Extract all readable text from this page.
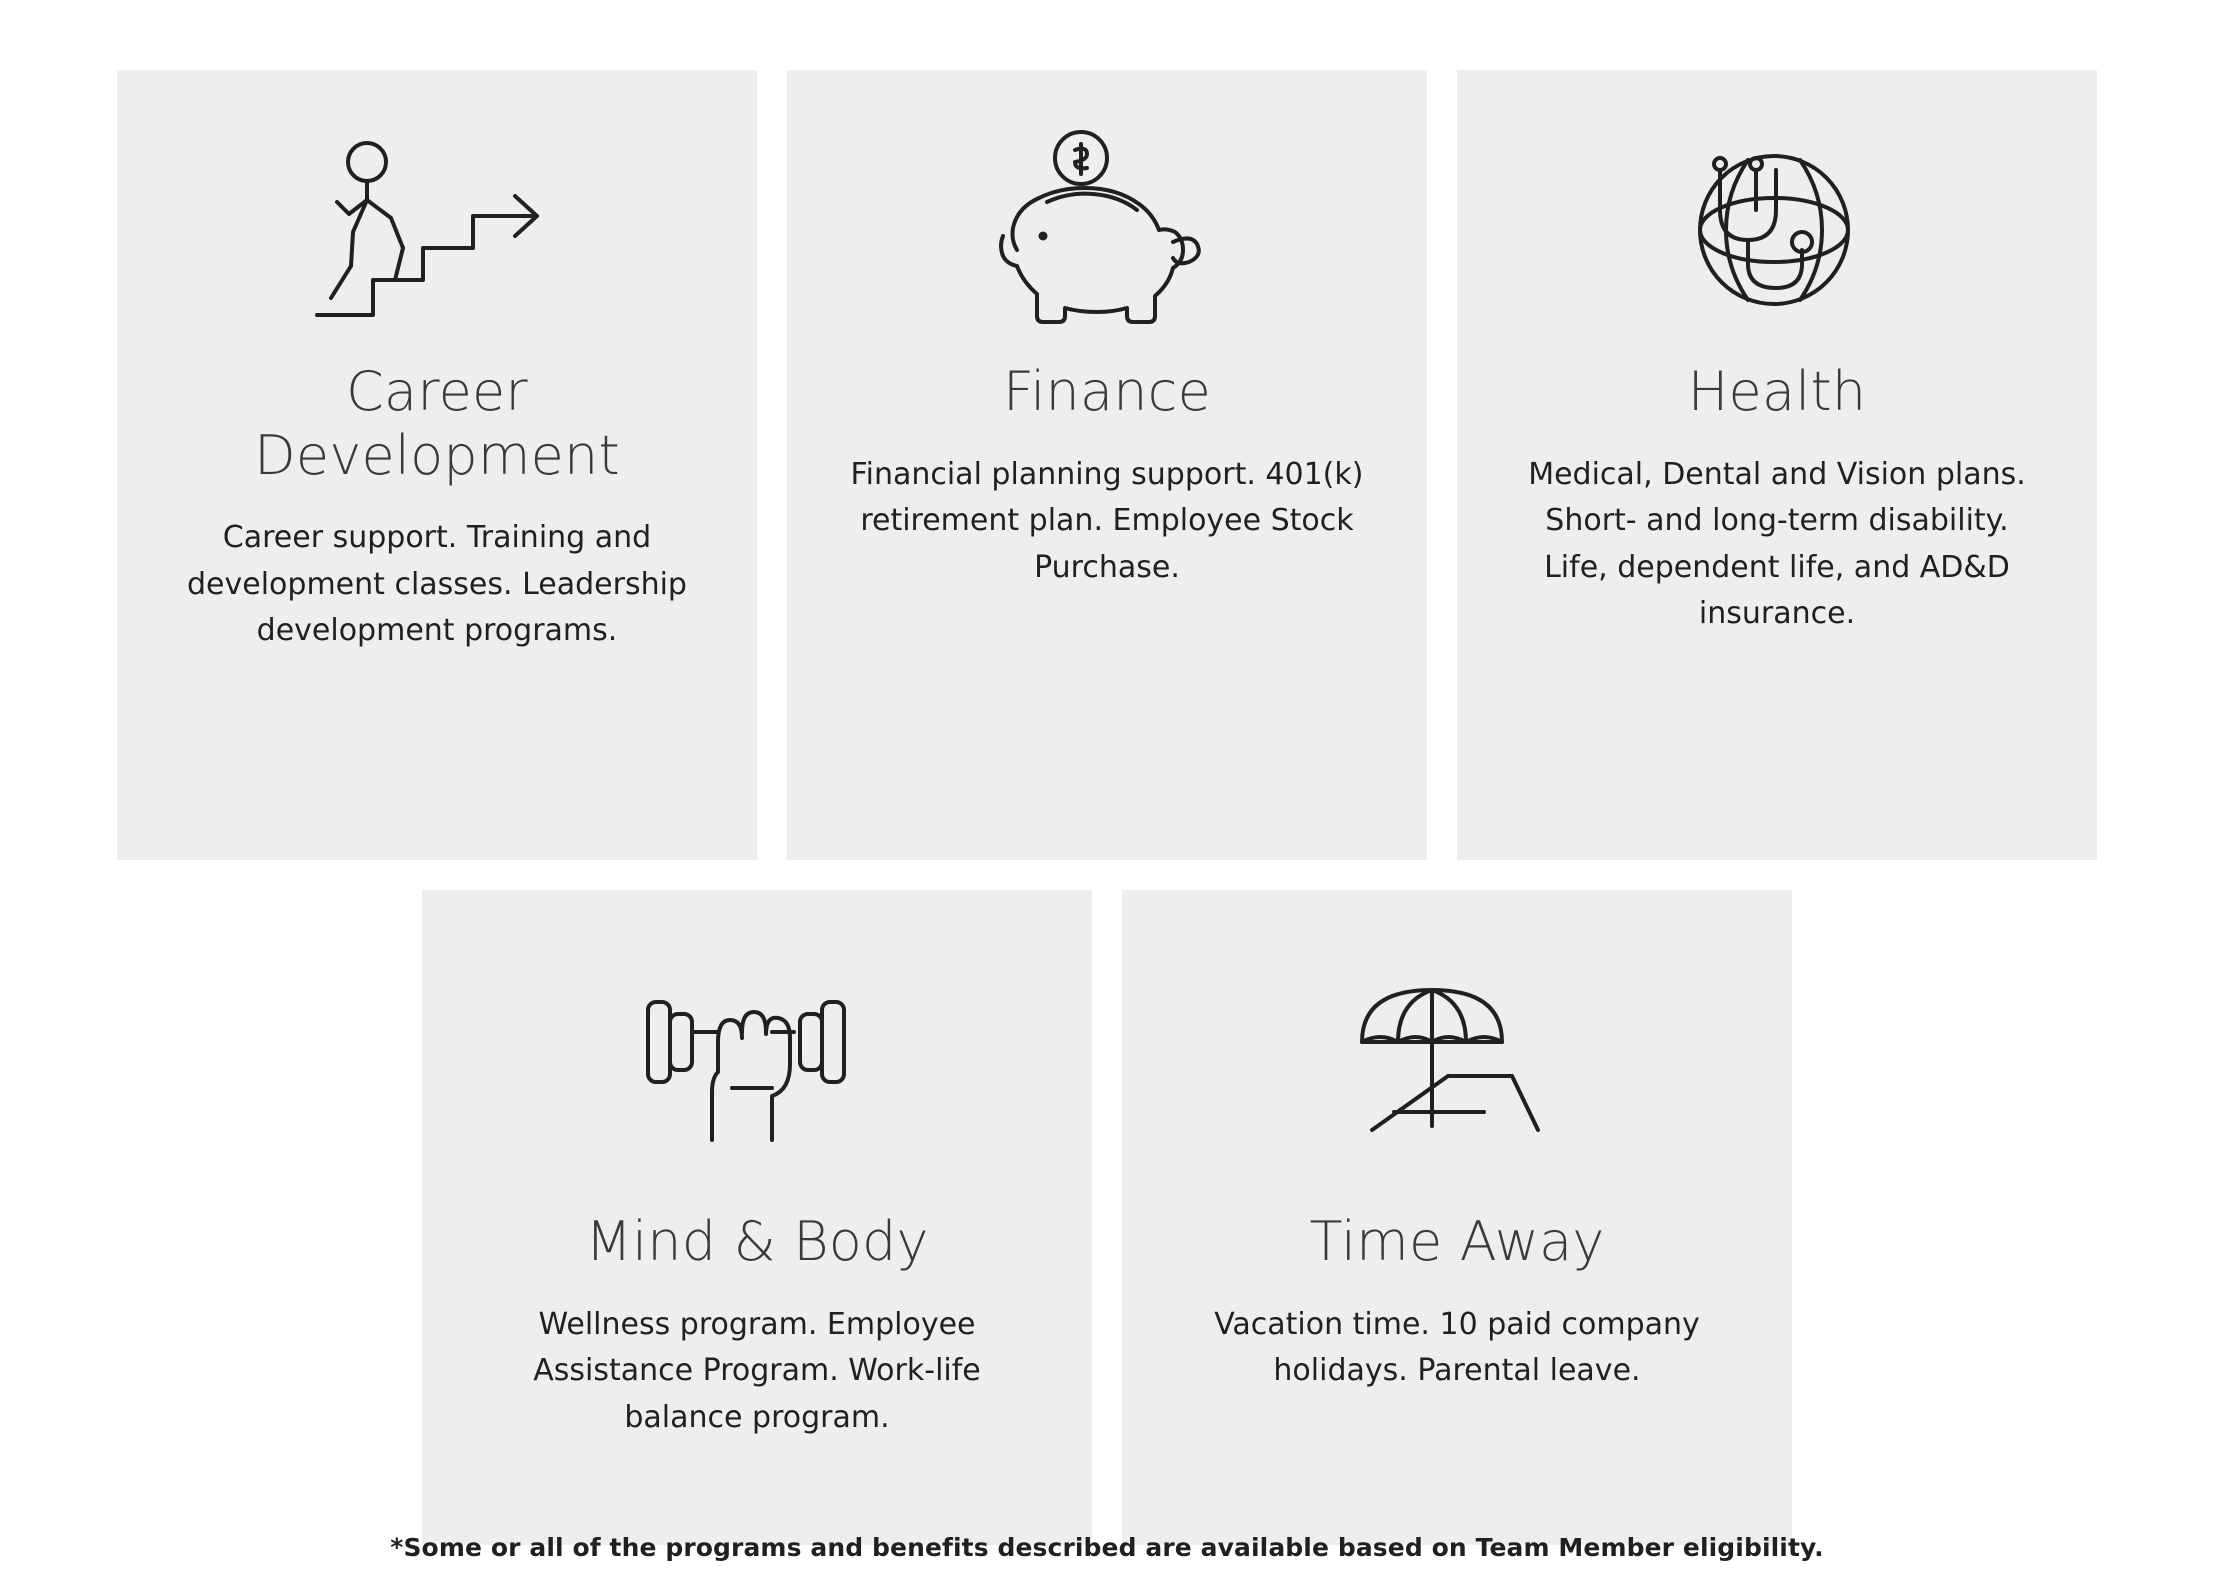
Career Development
Career support. Training and development classes. Leadership development programs.
Finance
Financial planning support. 401(k) retirement plan. Employee Stock Purchase.
Health
Medical, Dental and Vision plans. Short- and long-term disability. Life, dependent life, and AD&D insurance.
Mind & Body
Wellness program. Employee Assistance Program. Work-life balance program.
Time Away
Vacation time. 10 paid company holidays. Parental leave.
*Some or all of the programs and benefits described are available based on Team Member eligibility.
